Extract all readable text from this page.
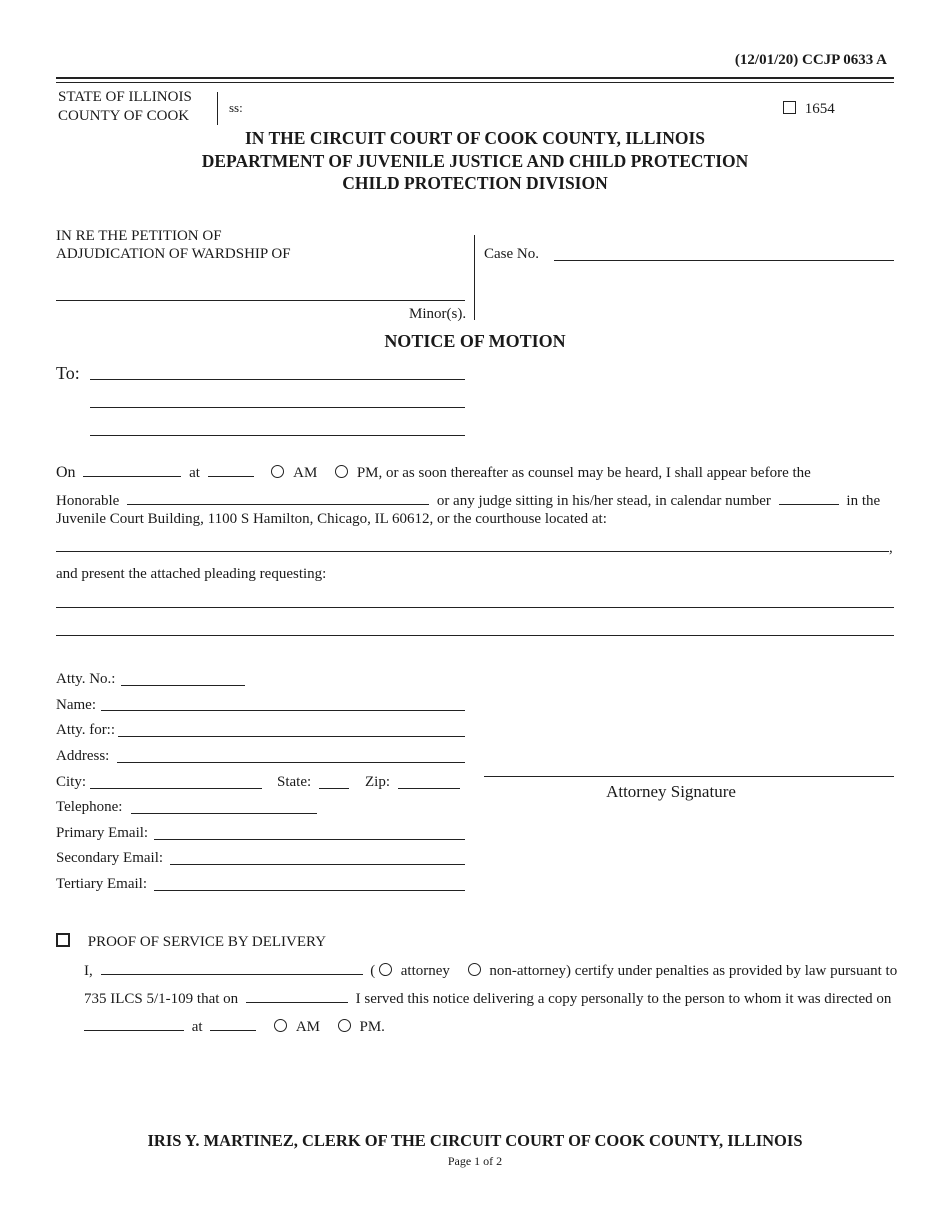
(12/01/20) CCJP 0633 A
STATE OF ILLINOIS
COUNTY OF COOK
ss:	1654
IN THE CIRCUIT COURT OF COOK COUNTY, ILLINOIS
DEPARTMENT OF JUVENILE JUSTICE AND CHILD PROTECTION
CHILD PROTECTION DIVISION
IN RE THE PETITION OF
ADJUDICATION OF WARDSHIP OF
Minor(s).
Case No.
NOTICE OF MOTION
To:
On	at	AM	PM, or as soon thereafter as counsel may be heard, I shall appear before the
Honorable	or any judge sitting in his/her stead, in calendar number	in the
Juvenile Court Building, 1100 S Hamilton, Chicago, IL 60612, or the courthouse located at:
,
and present the attached pleading requesting:
Atty. No.:
Name:
Atty. for::
Address:
City:	State:	Zip:
Telephone:
Primary Email:
Secondary Email:
Tertiary Email:
Attorney Signature
PROOF OF SERVICE BY DELIVERY
I,	( attorney	non-attorney) certify under penalties as provided by law pursuant to
735 ILCS 5/1-109 that on	I served this notice delivering a copy personally to the person to whom it was directed on
at	AM	PM.
IRIS Y. MARTINEZ, CLERK OF THE CIRCUIT COURT OF COOK COUNTY, ILLINOIS
Page 1 of 2
